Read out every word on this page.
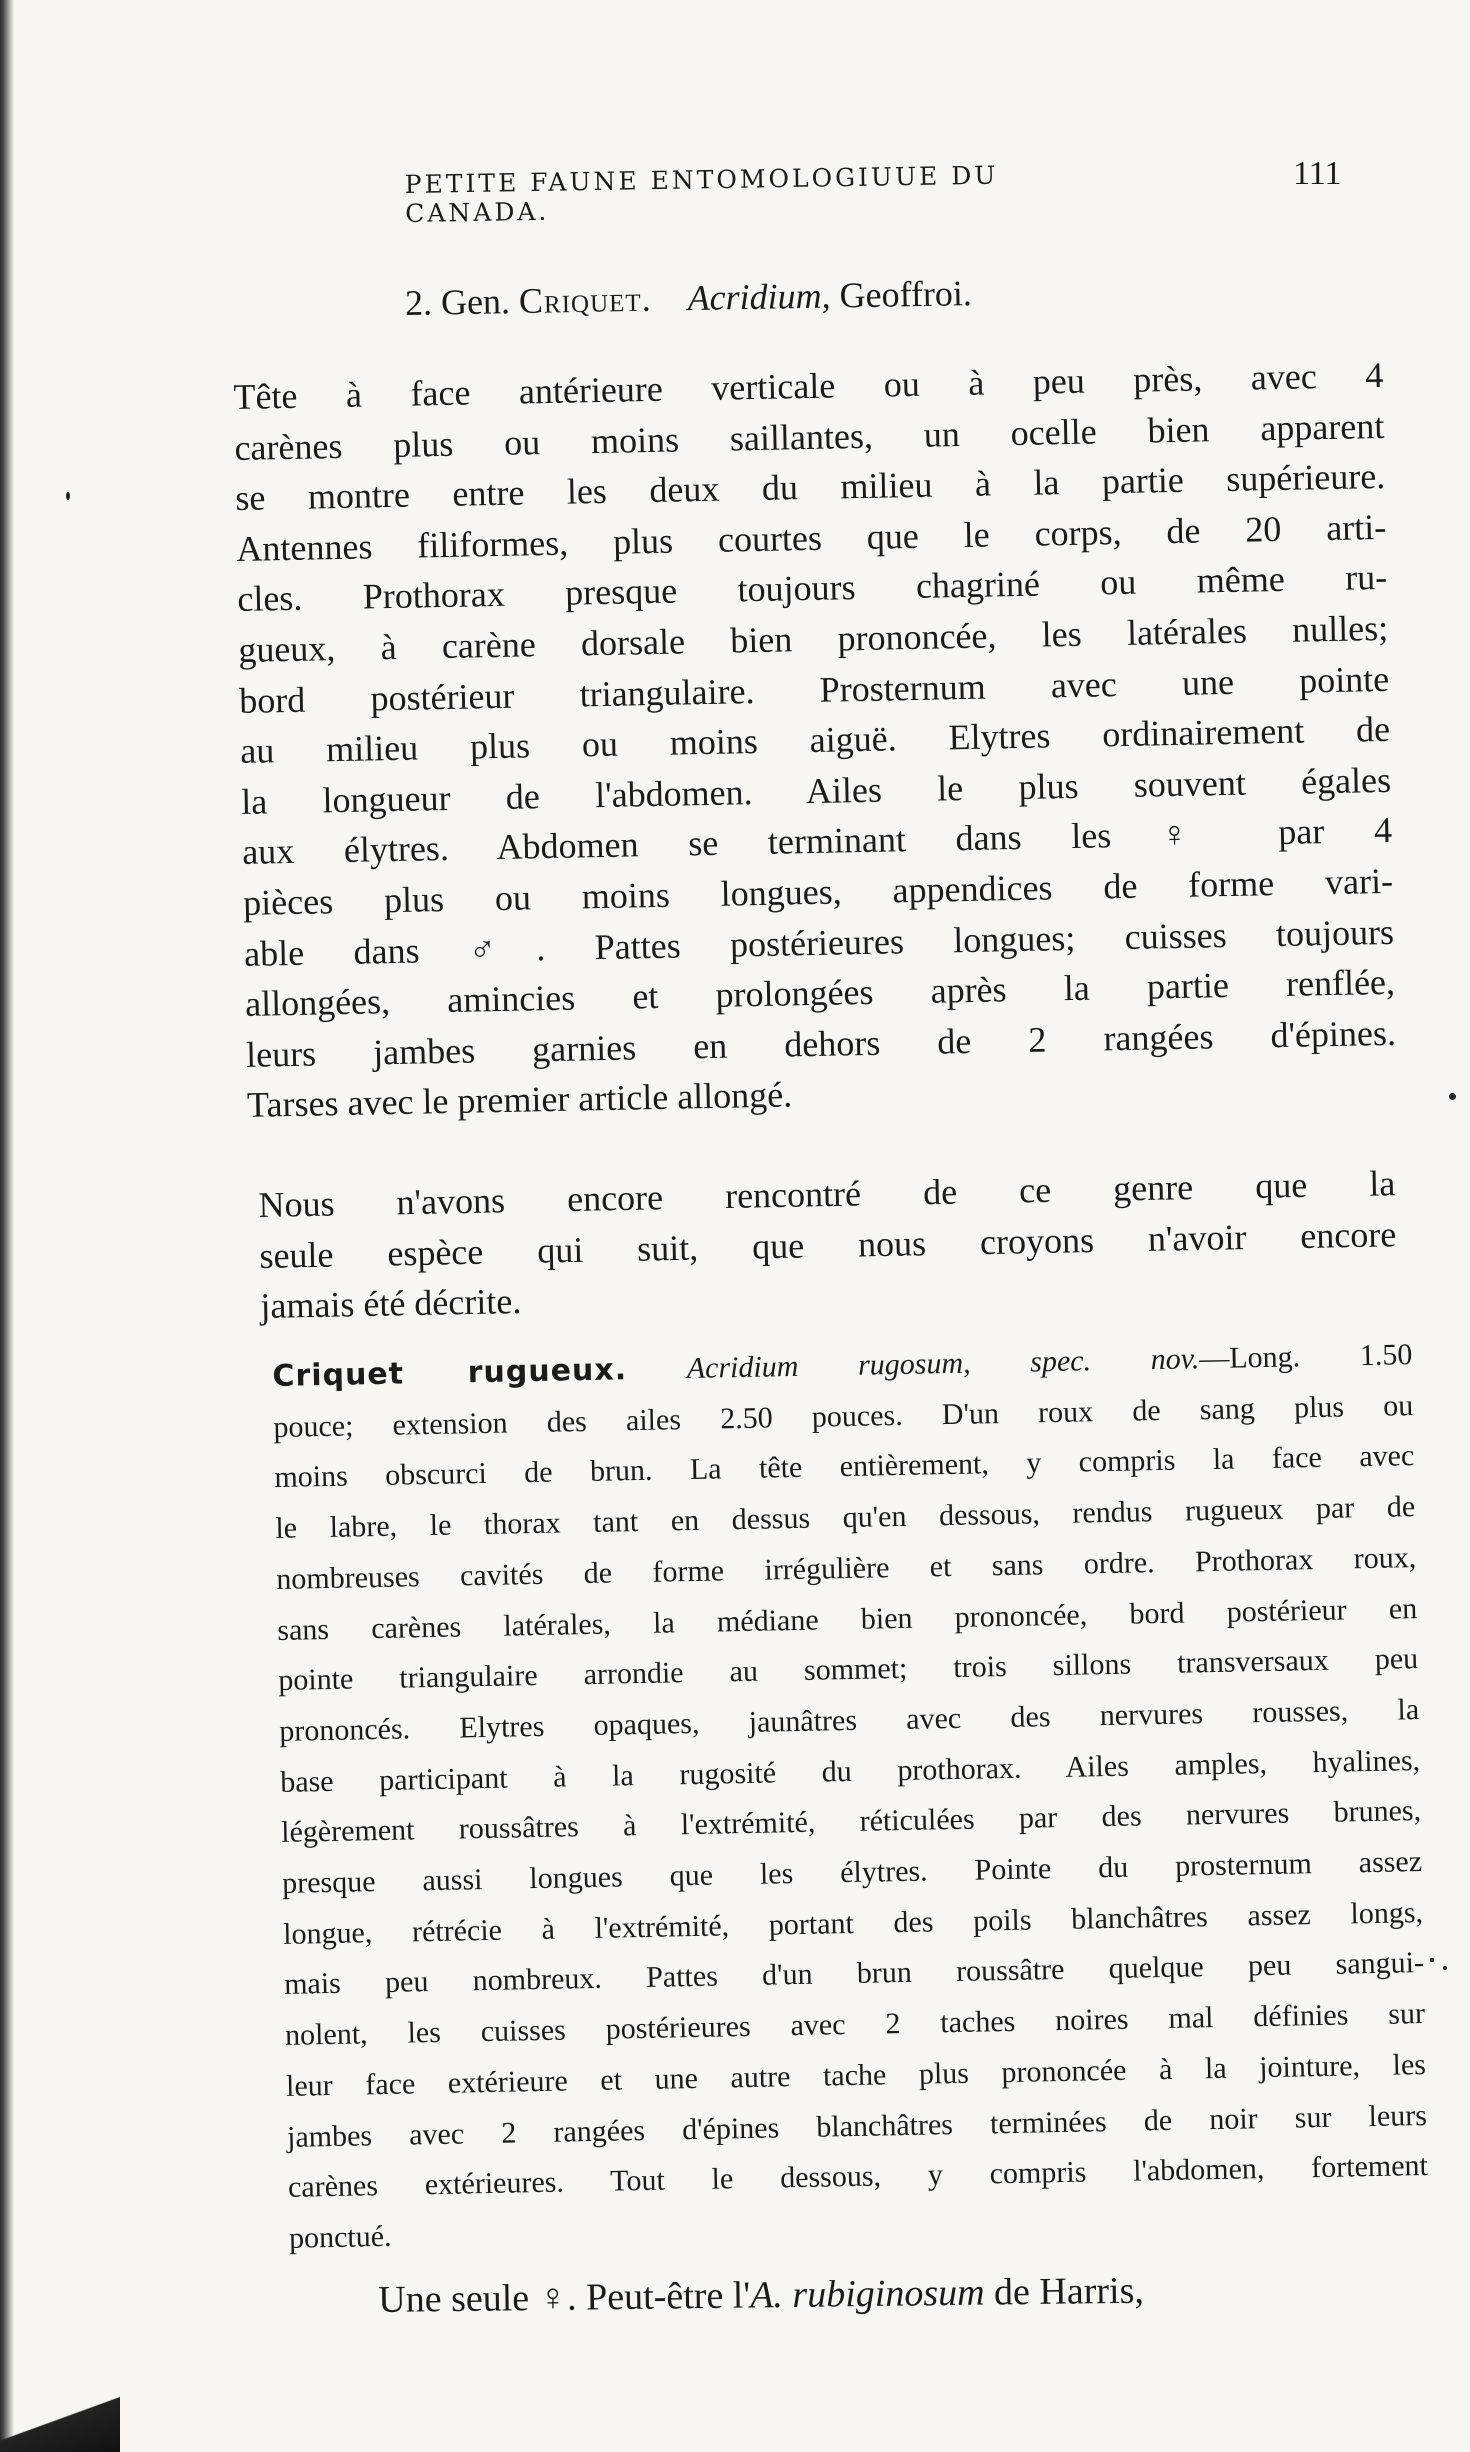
PETITE FAUNE ENTOMOLOGIUUE DU CANADA.
111
2. Gen. Criquet. Acridium, Geoffroi.
Tête à face antérieure verticale ou à peu près, avec 4
carènes plus ou moins saillantes, un ocelle bien apparent
se montre entre les deux du milieu à la partie supérieure.
Antennes filiformes, plus courtes que le corps, de 20 arti-
cles. Prothorax presque toujours chagriné ou même ru-
gueux, à carène dorsale bien prononcée, les latérales nulles;
bord postérieur triangulaire. Prosternum avec une pointe
au milieu plus ou moins aiguë. Elytres ordinairement de
la longueur de l'abdomen. Ailes le plus souvent égales
aux élytres. Abdomen se terminant dans les ♀ par 4
pièces plus ou moins longues, appendices de forme vari-
able dans ♂. Pattes postérieures longues; cuisses toujours
allongées, amincies et prolongées après la partie renflée,
leurs jambes garnies en dehors de 2 rangées d'épines.
Tarses avec le premier article allongé.
Nous n'avons encore rencontré de ce genre que la
seule espèce qui suit, que nous croyons n'avoir encore
jamais été décrite.
Criquet rugueux. Acridium rugosum, spec. nov.—Long. 1.50
pouce; extension des ailes 2.50 pouces. D'un roux de sang plus ou
moins obscurci de brun. La tête entièrement, y compris la face avec
le labre, le thorax tant en dessus qu'en dessous, rendus rugueux par de
nombreuses cavités de forme irrégulière et sans ordre. Prothorax roux,
sans carènes latérales, la médiane bien prononcée, bord postérieur en
pointe triangulaire arrondie au sommet; trois sillons transversaux peu
prononcés. Elytres opaques, jaunâtres avec des nervures rousses, la
base participant à la rugosité du prothorax. Ailes amples, hyalines,
légèrement roussâtres à l'extrémité, réticulées par des nervures brunes,
presque aussi longues que les élytres. Pointe du prosternum assez
longue, rétrécie à l'extrémité, portant des poils blanchâtres assez longs,
mais peu nombreux. Pattes d'un brun roussâtre quelque peu sangui-
nolent, les cuisses postérieures avec 2 taches noires mal définies sur
leur face extérieure et une autre tache plus prononcée à la jointure, les
jambes avec 2 rangées d'épines blanchâtres terminées de noir sur leurs
carènes extérieures. Tout le dessous, y compris l'abdomen, fortement
ponctué.
Une seule ♀. Peut-être l'A. rubiginosum de Harris,
